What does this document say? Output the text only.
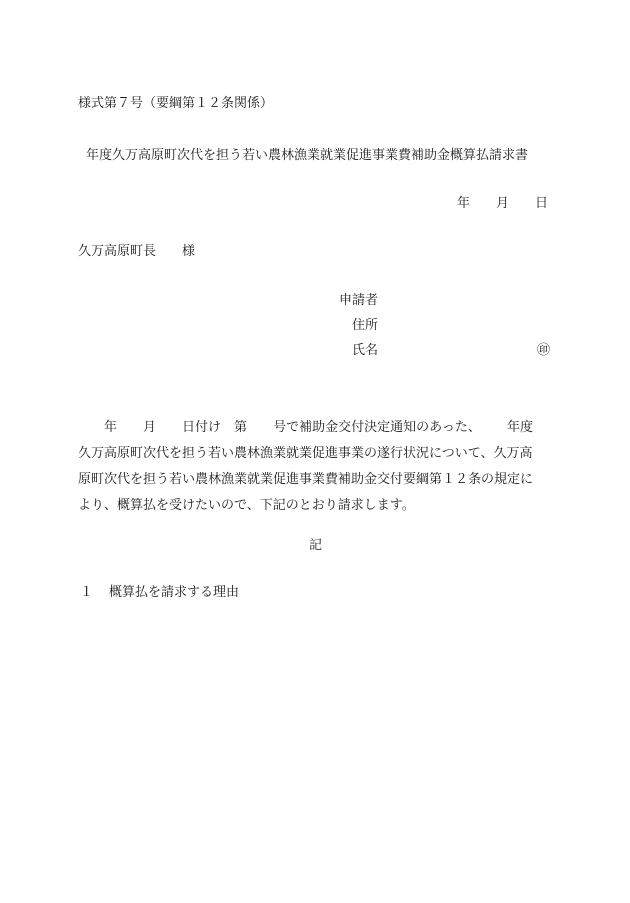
様式第７号（要綱第１２条関係）
年度久万高原町次代を担う若い農林漁業就業促進事業費補助金概算払請求書
年 月 日
久万高原町長 様
申請者
住所
氏名	㊞
年 月 日付け 第 号で補助金交付決定通知のあった、 年度
久万高原町次代を担う若い農林漁業就業促進事業の遂行状況について、久万高
原町次代を担う若い農林漁業就業促進事業費補助金交付要綱第１２条の規定に
より、概算払を受けたいので、下記のとおり請求します。
記
１ 概算払を請求する理由
